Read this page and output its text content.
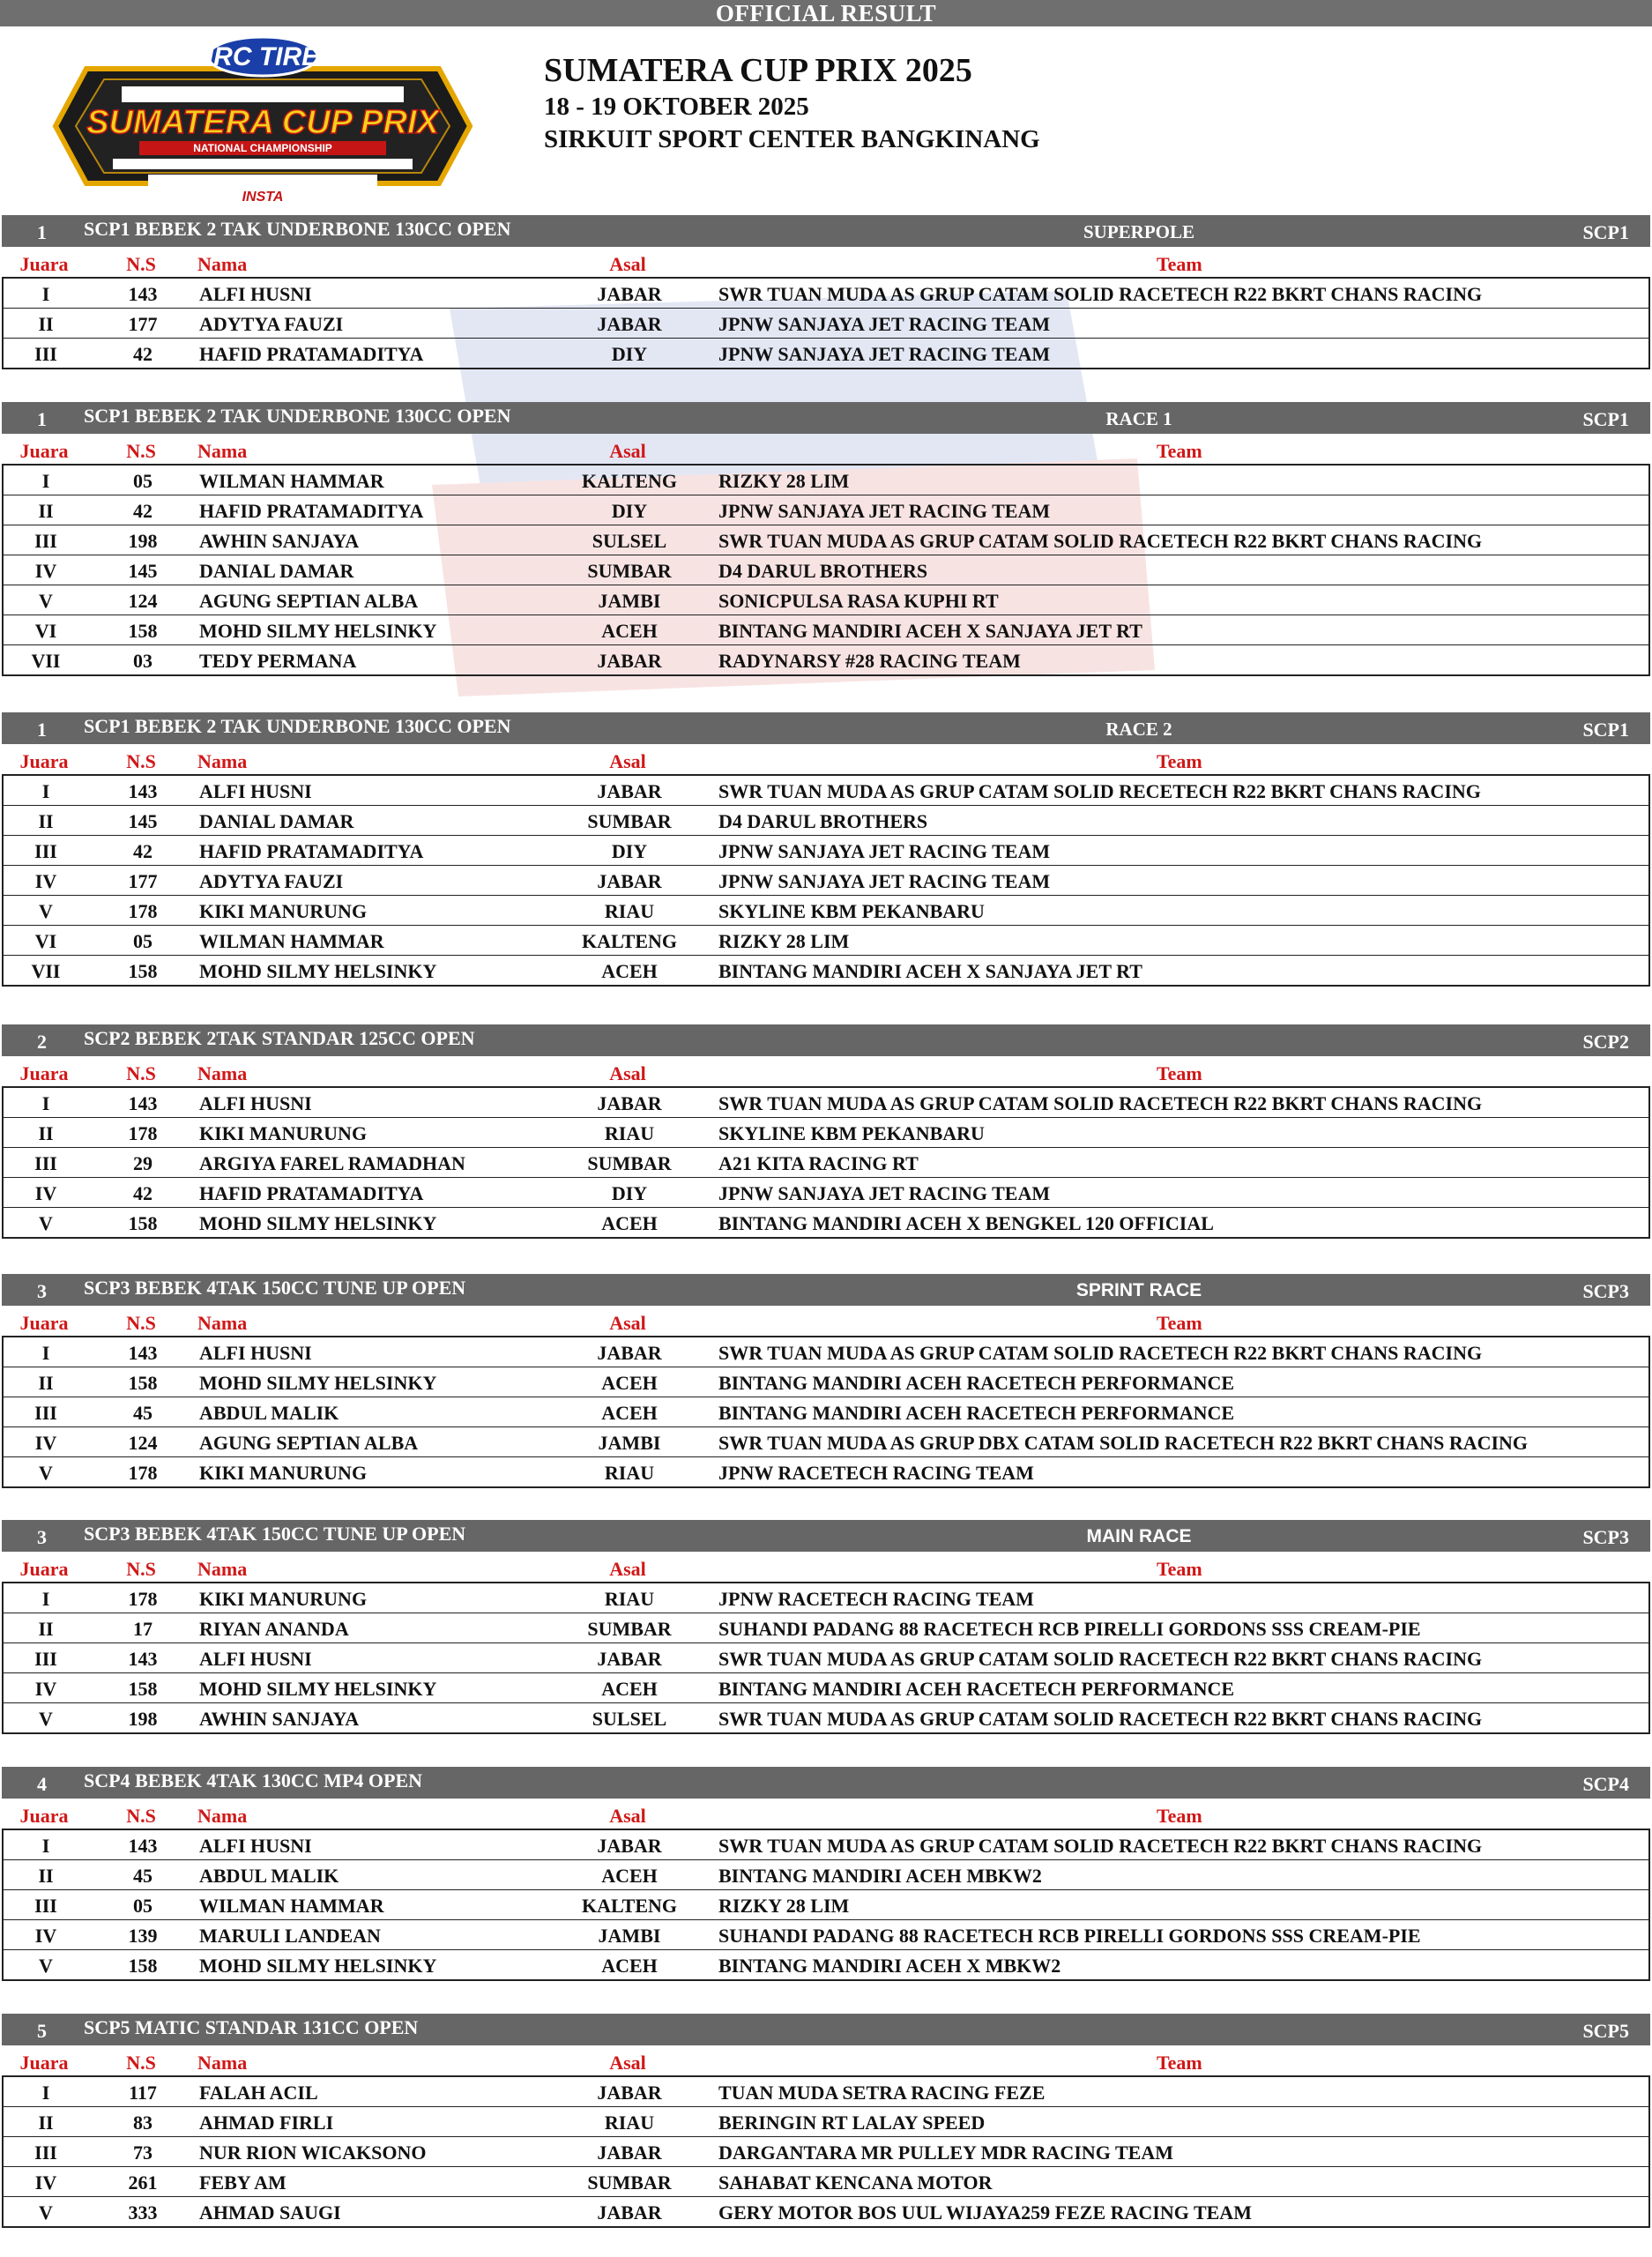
OFFICIAL RESULT
IRC TIRE
SUMATERA CUP PRIX
NATIONAL CHAMPIONSHIP
INSTA
SUMATERA CUP PRIX 2025
18 - 19 OKTOBER 2025
SIRKUIT SPORT CENTER BANGKINANG
1 SCP1 BEBEK 2 TAK UNDERBONE 130CC OPEN	SUPERPOLE	SCP1
Juara	N.S	Nama	Asal	Team
I	143	ALFI HUSNI	JABAR	SWR TUAN MUDA AS GRUP CATAM SOLID RACETECH R22 BKRT CHANS RACING
II	177	ADYTYA FAUZI	JABAR	JPNW SANJAYA JET RACING TEAM
III	42	HAFID PRATAMADITYA	DIY	JPNW SANJAYA JET RACING TEAM
1 SCP1 BEBEK 2 TAK UNDERBONE 130CC OPEN	RACE 1	SCP1
Juara	N.S	Nama	Asal	Team
I	05	WILMAN HAMMAR	KALTENG	RIZKY 28 LIM
II	42	HAFID PRATAMADITYA	DIY	JPNW SANJAYA JET RACING TEAM
III	198	AWHIN SANJAYA	SULSEL	SWR TUAN MUDA AS GRUP CATAM SOLID RACETECH R22 BKRT CHANS RACING
IV	145	DANIAL DAMAR	SUMBAR	D4 DARUL BROTHERS
V	124	AGUNG SEPTIAN ALBA	JAMBI	SONICPULSA RASA KUPHI RT
VI	158	MOHD SILMY HELSINKY	ACEH	BINTANG MANDIRI ACEH X SANJAYA JET RT
VII	03	TEDY PERMANA	JABAR	RADYNARSY #28 RACING TEAM
1 SCP1 BEBEK 2 TAK UNDERBONE 130CC OPEN	RACE 2	SCP1
Juara	N.S	Nama	Asal	Team
I	143	ALFI HUSNI	JABAR	SWR TUAN MUDA AS GRUP CATAM SOLID RECETECH R22 BKRT CHANS RACING
II	145	DANIAL DAMAR	SUMBAR	D4 DARUL BROTHERS
III	42	HAFID PRATAMADITYA	DIY	JPNW SANJAYA JET RACING TEAM
IV	177	ADYTYA FAUZI	JABAR	JPNW SANJAYA JET RACING TEAM
V	178	KIKI MANURUNG	RIAU	SKYLINE KBM PEKANBARU
VI	05	WILMAN HAMMAR	KALTENG	RIZKY 28 LIM
VII	158	MOHD SILMY HELSINKY	ACEH	BINTANG MANDIRI ACEH X SANJAYA JET RT
2 SCP2 BEBEK 2TAK STANDAR 125CC OPEN	SCP2
Juara	N.S	Nama	Asal	Team
I	143	ALFI HUSNI	JABAR	SWR TUAN MUDA AS GRUP CATAM SOLID RACETECH R22 BKRT CHANS RACING
II	178	KIKI MANURUNG	RIAU	SKYLINE KBM PEKANBARU
III	29	ARGIYA FAREL RAMADHAN	SUMBAR	A21 KITA RACING RT
IV	42	HAFID PRATAMADITYA	DIY	JPNW SANJAYA JET RACING TEAM
V	158	MOHD SILMY HELSINKY	ACEH	BINTANG MANDIRI ACEH X BENGKEL 120 OFFICIAL
3 SCP3 BEBEK 4TAK 150CC TUNE UP OPEN	SPRINT RACE	SCP3
Juara	N.S	Nama	Asal	Team
I	143	ALFI HUSNI	JABAR	SWR TUAN MUDA AS GRUP CATAM SOLID RACETECH R22 BKRT CHANS RACING
II	158	MOHD SILMY HELSINKY	ACEH	BINTANG MANDIRI ACEH RACETECH PERFORMANCE
III	45	ABDUL MALIK	ACEH	BINTANG MANDIRI ACEH RACETECH PERFORMANCE
IV	124	AGUNG SEPTIAN ALBA	JAMBI	SWR TUAN MUDA AS GRUP DBX CATAM SOLID RACETECH R22 BKRT CHANS RACING
V	178	KIKI MANURUNG	RIAU	JPNW RACETECH RACING TEAM
3 SCP3 BEBEK 4TAK 150CC TUNE UP OPEN	MAIN RACE	SCP3
Juara	N.S	Nama	Asal	Team
I	178	KIKI MANURUNG	RIAU	JPNW RACETECH RACING TEAM
II	17	RIYAN ANANDA	SUMBAR	SUHANDI PADANG 88 RACETECH RCB PIRELLI GORDONS SSS CREAM-PIE
III	143	ALFI HUSNI	JABAR	SWR TUAN MUDA AS GRUP CATAM SOLID RACETECH R22 BKRT CHANS RACING
IV	158	MOHD SILMY HELSINKY	ACEH	BINTANG MANDIRI ACEH RACETECH PERFORMANCE
V	198	AWHIN SANJAYA	SULSEL	SWR TUAN MUDA AS GRUP CATAM SOLID RACETECH R22 BKRT CHANS RACING
4 SCP4 BEBEK 4TAK 130CC MP4 OPEN	SCP4
Juara	N.S	Nama	Asal	Team
I	143	ALFI HUSNI	JABAR	SWR TUAN MUDA AS GRUP CATAM SOLID RACETECH R22 BKRT CHANS RACING
II	45	ABDUL MALIK	ACEH	BINTANG MANDIRI ACEH MBKW2
III	05	WILMAN HAMMAR	KALTENG	RIZKY 28 LIM
IV	139	MARULI LANDEAN	JAMBI	SUHANDI PADANG 88 RACETECH RCB PIRELLI GORDONS SSS CREAM-PIE
V	158	MOHD SILMY HELSINKY	ACEH	BINTANG MANDIRI ACEH X MBKW2
5 SCP5 MATIC STANDAR 131CC OPEN	SCP5
Juara	N.S	Nama	Asal	Team
I	117	FALAH ACIL	JABAR	TUAN MUDA SETRA RACING FEZE
II	83	AHMAD FIRLI	RIAU	BERINGIN RT LALAY SPEED
III	73	NUR RION WICAKSONO	JABAR	DARGANTARA MR PULLEY MDR RACING TEAM
IV	261	FEBY AM	SUMBAR	SAHABAT KENCANA MOTOR
V	333	AHMAD SAUGI	JABAR	GERY MOTOR BOS UUL WIJAYA259 FEZE RACING TEAM
